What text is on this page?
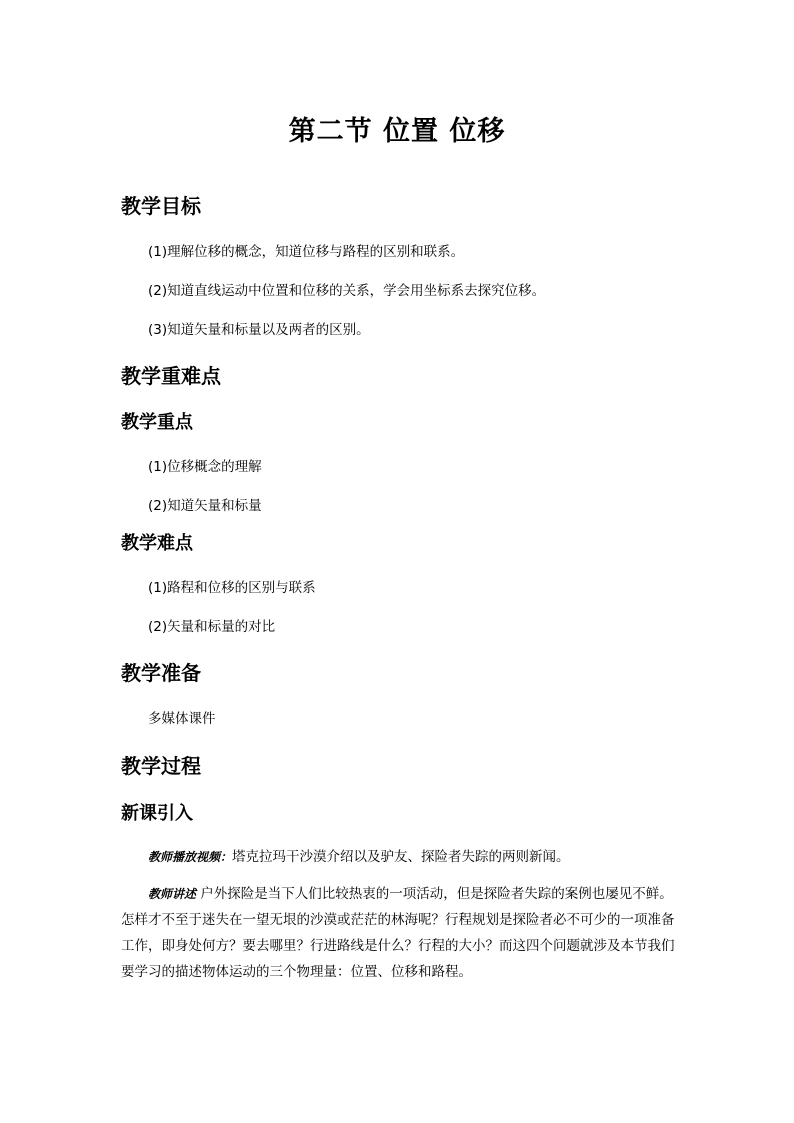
第二节 位置 位移
教学目标

(1)理解位移的概念，知道位移与路程的区别和联系。

(2)知道直线运动中位置和位移的关系，学会用坐标系去探究位移。

(3)知道矢量和标量以及两者的区别。

教学重难点
教学重点

(1)位移概念的理解

(2)知道矢量和标量

教学难点

(1)路程和位移的区别与联系

(2)矢量和标量的对比

教学准备

多媒体课件

教学过程
新课引入

教师播放视频：塔克拉玛干沙漠介绍以及驴友、探险者失踪的两则新闻。

教师讲述 户外探险是当下人们比较热衷的一项活动，但是探险者失踪的案例也屡见不鲜。怎样才不至于迷失在一望无垠的沙漠或茫茫的林海呢？行程规划是探险者必不可少的一项准备工作，即身处何方？要去哪里？行进路线是什么？行程的大小？而这四个问题就涉及本节我们要学习的描述物体运动的三个物理量：位置、位移和路程。
